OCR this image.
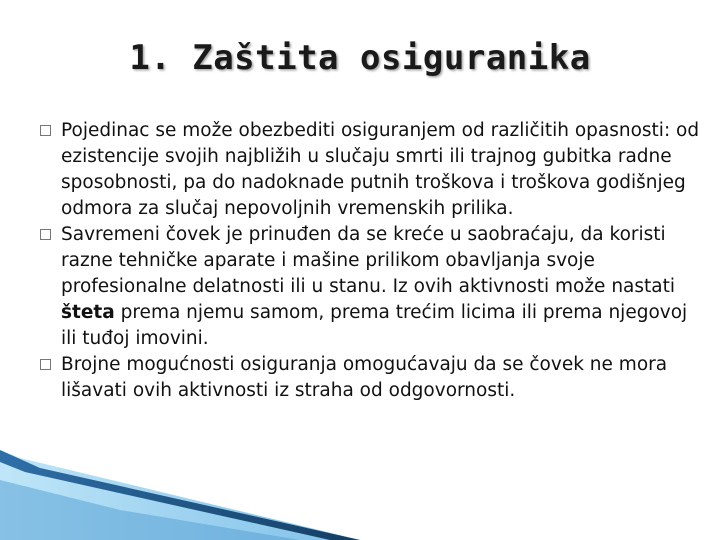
1. Zaštita osiguranika

Pojedinac se može obezbediti osiguranjem od različitih opasnosti: od ezistencije svojih najbližih u slučaju smrti ili trajnog gubitka radne sposobnosti, pa do nadoknade putnih troškova i troškova godišnjeg odmora za slučaj nepovoljnih vremenskih prilika.

Savremeni čovek je prinuđen da se kreće u saobraćaju, da koristi razne tehničke aparate i mašine prilikom obavljanja svoje profesionalne delatnosti ili u stanu. Iz ovih aktivnosti može nastati šteta prema njemu samom, prema trećim licima ili prema njegovoj ili tuđoj imovini.

Brojne mogućnosti osiguranja omogućavaju da se čovek ne mora lišavati ovih aktivnosti iz straha od odgovornosti.
